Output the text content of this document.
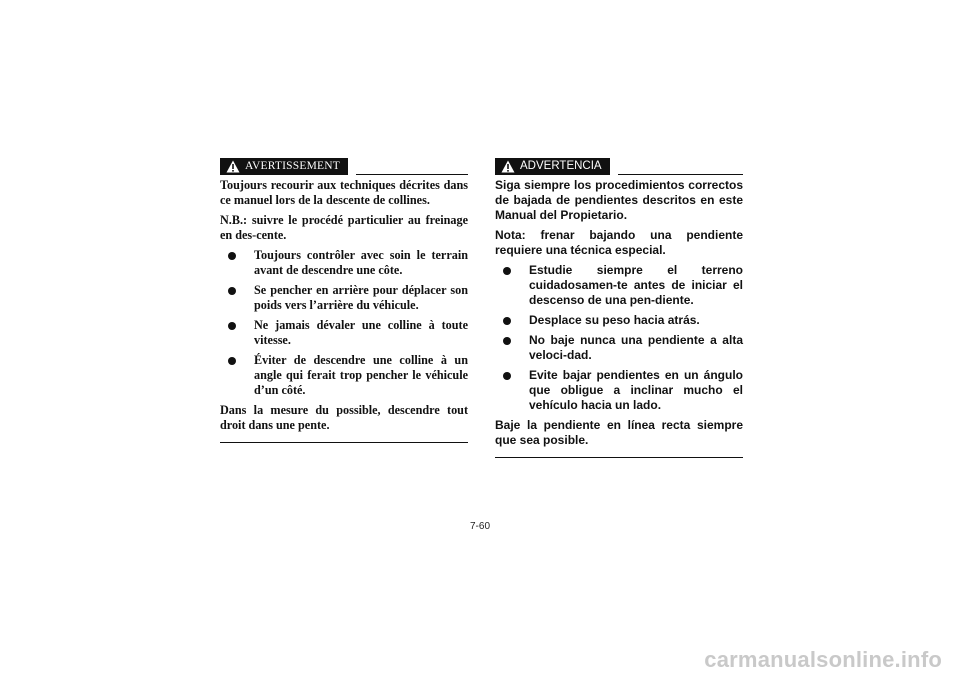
AVERTISSEMENT

Toujours recourir aux techniques décrites dans ce manuel lors de la descente de collines.

N.B.: suivre le procédé particulier au freinage en des-cente.

Toujours contrôler avec soin le terrain avant de descendre une côte.
Se pencher en arrière pour déplacer son poids vers l’arrière du véhicule.
Ne jamais dévaler une colline à toute vitesse.
Éviter de descendre une colline à un angle qui ferait trop pencher le véhicule d’un côté.

Dans la mesure du possible, descendre tout droit dans une pente.

ADVERTENCIA

Siga siempre los procedimientos correctos de bajada de pendientes descritos en este Manual del Propietario.

Nota: frenar bajando una pendiente requiere una técnica especial.

Estudie siempre el terreno cuidadosamen-te antes de iniciar el descenso de una pen-diente.
Desplace su peso hacia atrás.
No baje nunca una pendiente a alta veloci-dad.
Evite bajar pendientes en un ángulo que obligue a inclinar mucho el vehículo hacia un lado.

Baje la pendiente en línea recta siempre que sea posible.

7-60
carmanualsonline.info
